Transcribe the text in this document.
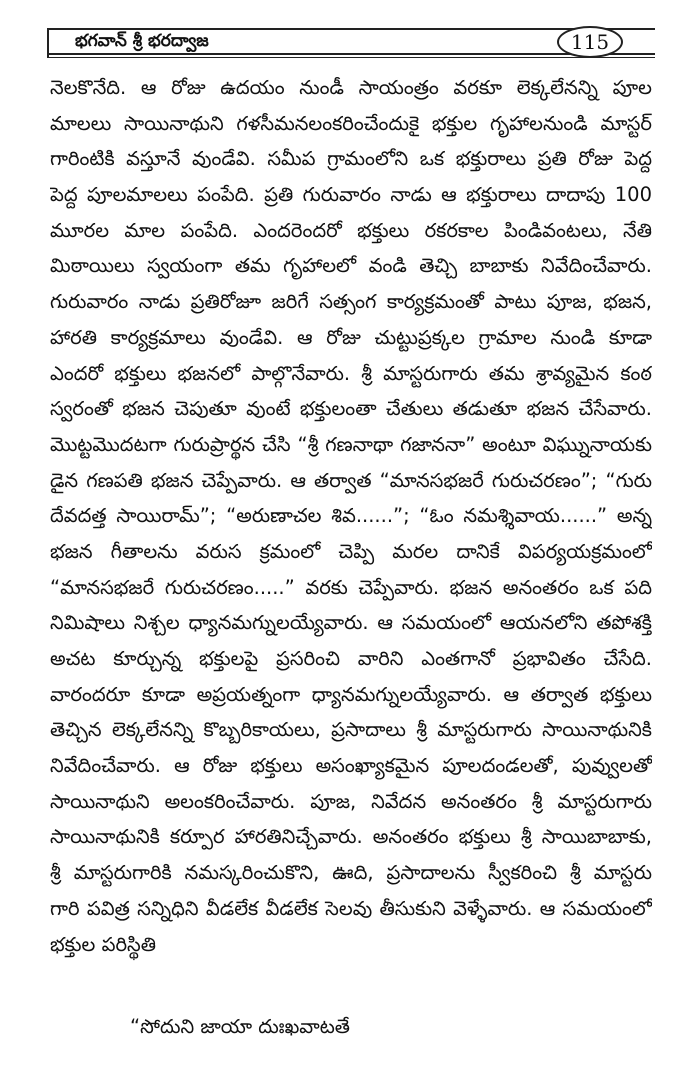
భగవాన్ శ్రీ భరద్వాజ	115
నెలకొనేది. ఆ రోజు ఉదయం నుండీ సాయంత్రం వరకూ లెక్కలేనన్ని పూల
మాలలు సాయినాథుని గళసీమనలంకరించేందుకై భక్తుల గృహాలనుండి మాస్టర్
గారింటికి వస్తూనే వుండేవి. సమీప గ్రామంలోని ఒక భక్తురాలు ప్రతి రోజు పెద్ద
పెద్ద పూలమాలలు పంపేది. ప్రతి గురువారం నాడు ఆ భక్తురాలు దాదాపు 100
మూరల మాల పంపేది. ఎందరెందరో భక్తులు రకరకాల పిండివంటలు, నేతి
మిఠాయిలు స్వయంగా తమ గృహాలలో వండి తెచ్చి బాబాకు నివేదించేవారు.
గురువారం నాడు ప్రతిరోజూ జరిగే సత్సంగ కార్యక్రమంతో పాటు పూజ, భజన,
హారతి కార్యక్రమాలు వుండేవి. ఆ రోజు చుట్టుప్రక్కల గ్రామాల నుండి కూడా
ఎందరో భక్తులు భజనలో పాల్గొనేవారు. శ్రీ మాస్టరుగారు తమ శ్రావ్యమైన కంఠ
స్వరంతో భజన చెపుతూ వుంటే భక్తులంతా చేతులు తడుతూ భజన చేసేవారు.
మొట్టమొదటగా గురుప్రార్థన చేసి “శ్రీ గణనాథా గజాననా” అంటూ విఘ్నునాయకు
డైన గణపతి భజన చెప్పేవారు. ఆ తర్వాత “మానసభజరే గురుచరణం”; “గురు
దేవదత్త సాయిరామ్”; “అరుణాచల శివ......”; “ఓం నమశ్శివాయ......” అన్న
భజన గీతాలను వరుస క్రమంలో చెప్పి మరల దానికే విపర్యయక్రమంలో
“మానసభజరే గురుచరణం.....” వరకు చెప్పేవారు. భజన అనంతరం ఒక పది
నిమిషాలు నిశ్చల ధ్యానమగ్నులయ్యేవారు. ఆ సమయంలో ఆయనలోని తపోశక్తి
అచట కూర్చున్న భక్తులపై ప్రసరించి వారిని ఎంతగానో ప్రభావితం చేసేది.
వారందరూ కూడా అప్రయత్నంగా ధ్యానమగ్నులయ్యేవారు. ఆ తర్వాత భక్తులు
తెచ్చిన లెక్కలేనన్ని కొబ్బరికాయలు, ప్రసాదాలు శ్రీ మాస్టరుగారు సాయినాథునికి
నివేదించేవారు. ఆ రోజు భక్తులు అసంఖ్యాకమైన పూలదండలతో, పువ్వులతో
సాయినాథుని అలంకరించేవారు. పూజ, నివేదన అనంతరం శ్రీ మాస్టరుగారు
సాయినాథునికి కర్పూర హారతినిచ్చేవారు. అనంతరం భక్తులు శ్రీ సాయిబాబాకు,
శ్రీ మాస్టరుగారికి నమస్కరించుకొని, ఊది, ప్రసాదాలను స్వీకరించి శ్రీ మాస్టరు
గారి పవిత్ర సన్నిధిని వీడలేక వీడలేక సెలవు తీసుకుని వెళ్ళేవారు. ఆ సమయంలో
భక్తుల పరిస్థితి
“సోదుని జాయా దుఃఖవాటతే
